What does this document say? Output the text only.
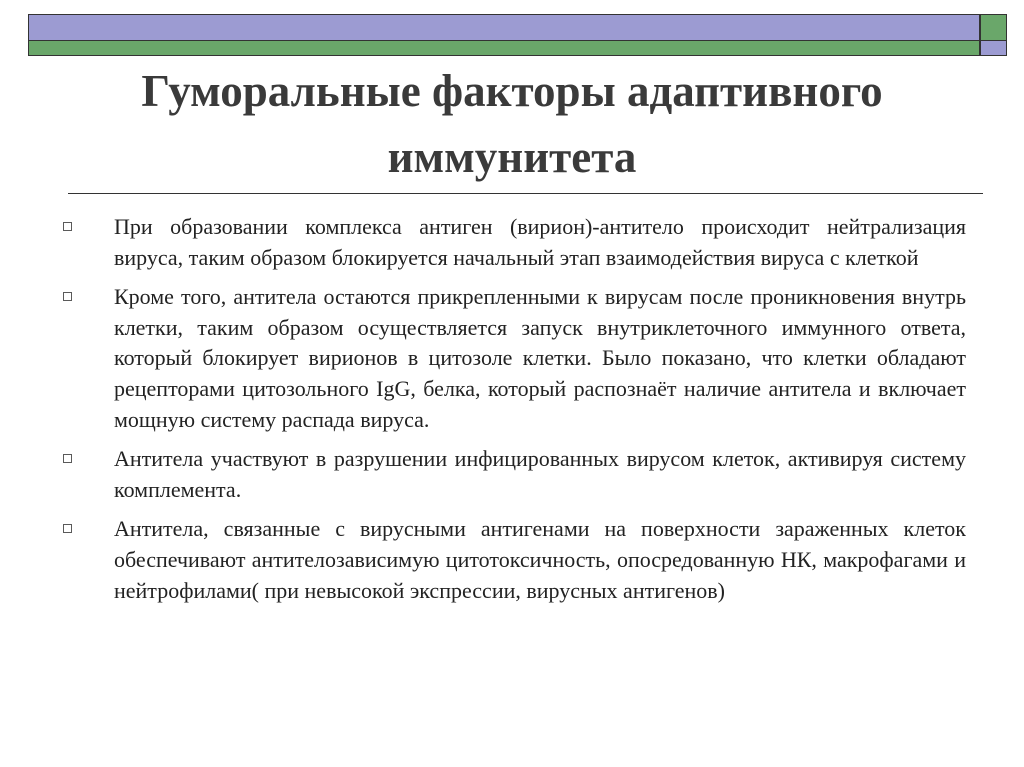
Гуморальные факторы адаптивного
иммунитета
При образовании комплекса антиген (вирион)-антитело происходит нейтрализация вируса, таким образом блокируется начальный этап взаимодействия вируса с клеткой
Кроме того, антитела остаются прикрепленными к вирусам после проникновения внутрь клетки, таким образом осуществляется запуск внутриклеточного иммунного ответа, который блокирует вирионов в цитозоле клетки. Было показано, что клетки обладают рецепторами цитозольного IgG, белка, который распознаёт наличие антитела и включает мощную систему распада вируса.
Антитела участвуют в разрушении инфицированных вирусом клеток, активируя систему комплемента.
Антитела, связанные с вирусными антигенами на поверхности зараженных клеток обеспечивают антителозависимую цитотоксичность, опосредованную НК, макрофагами и нейтрофилами( при невысокой экспрессии, вирусных антигенов)
